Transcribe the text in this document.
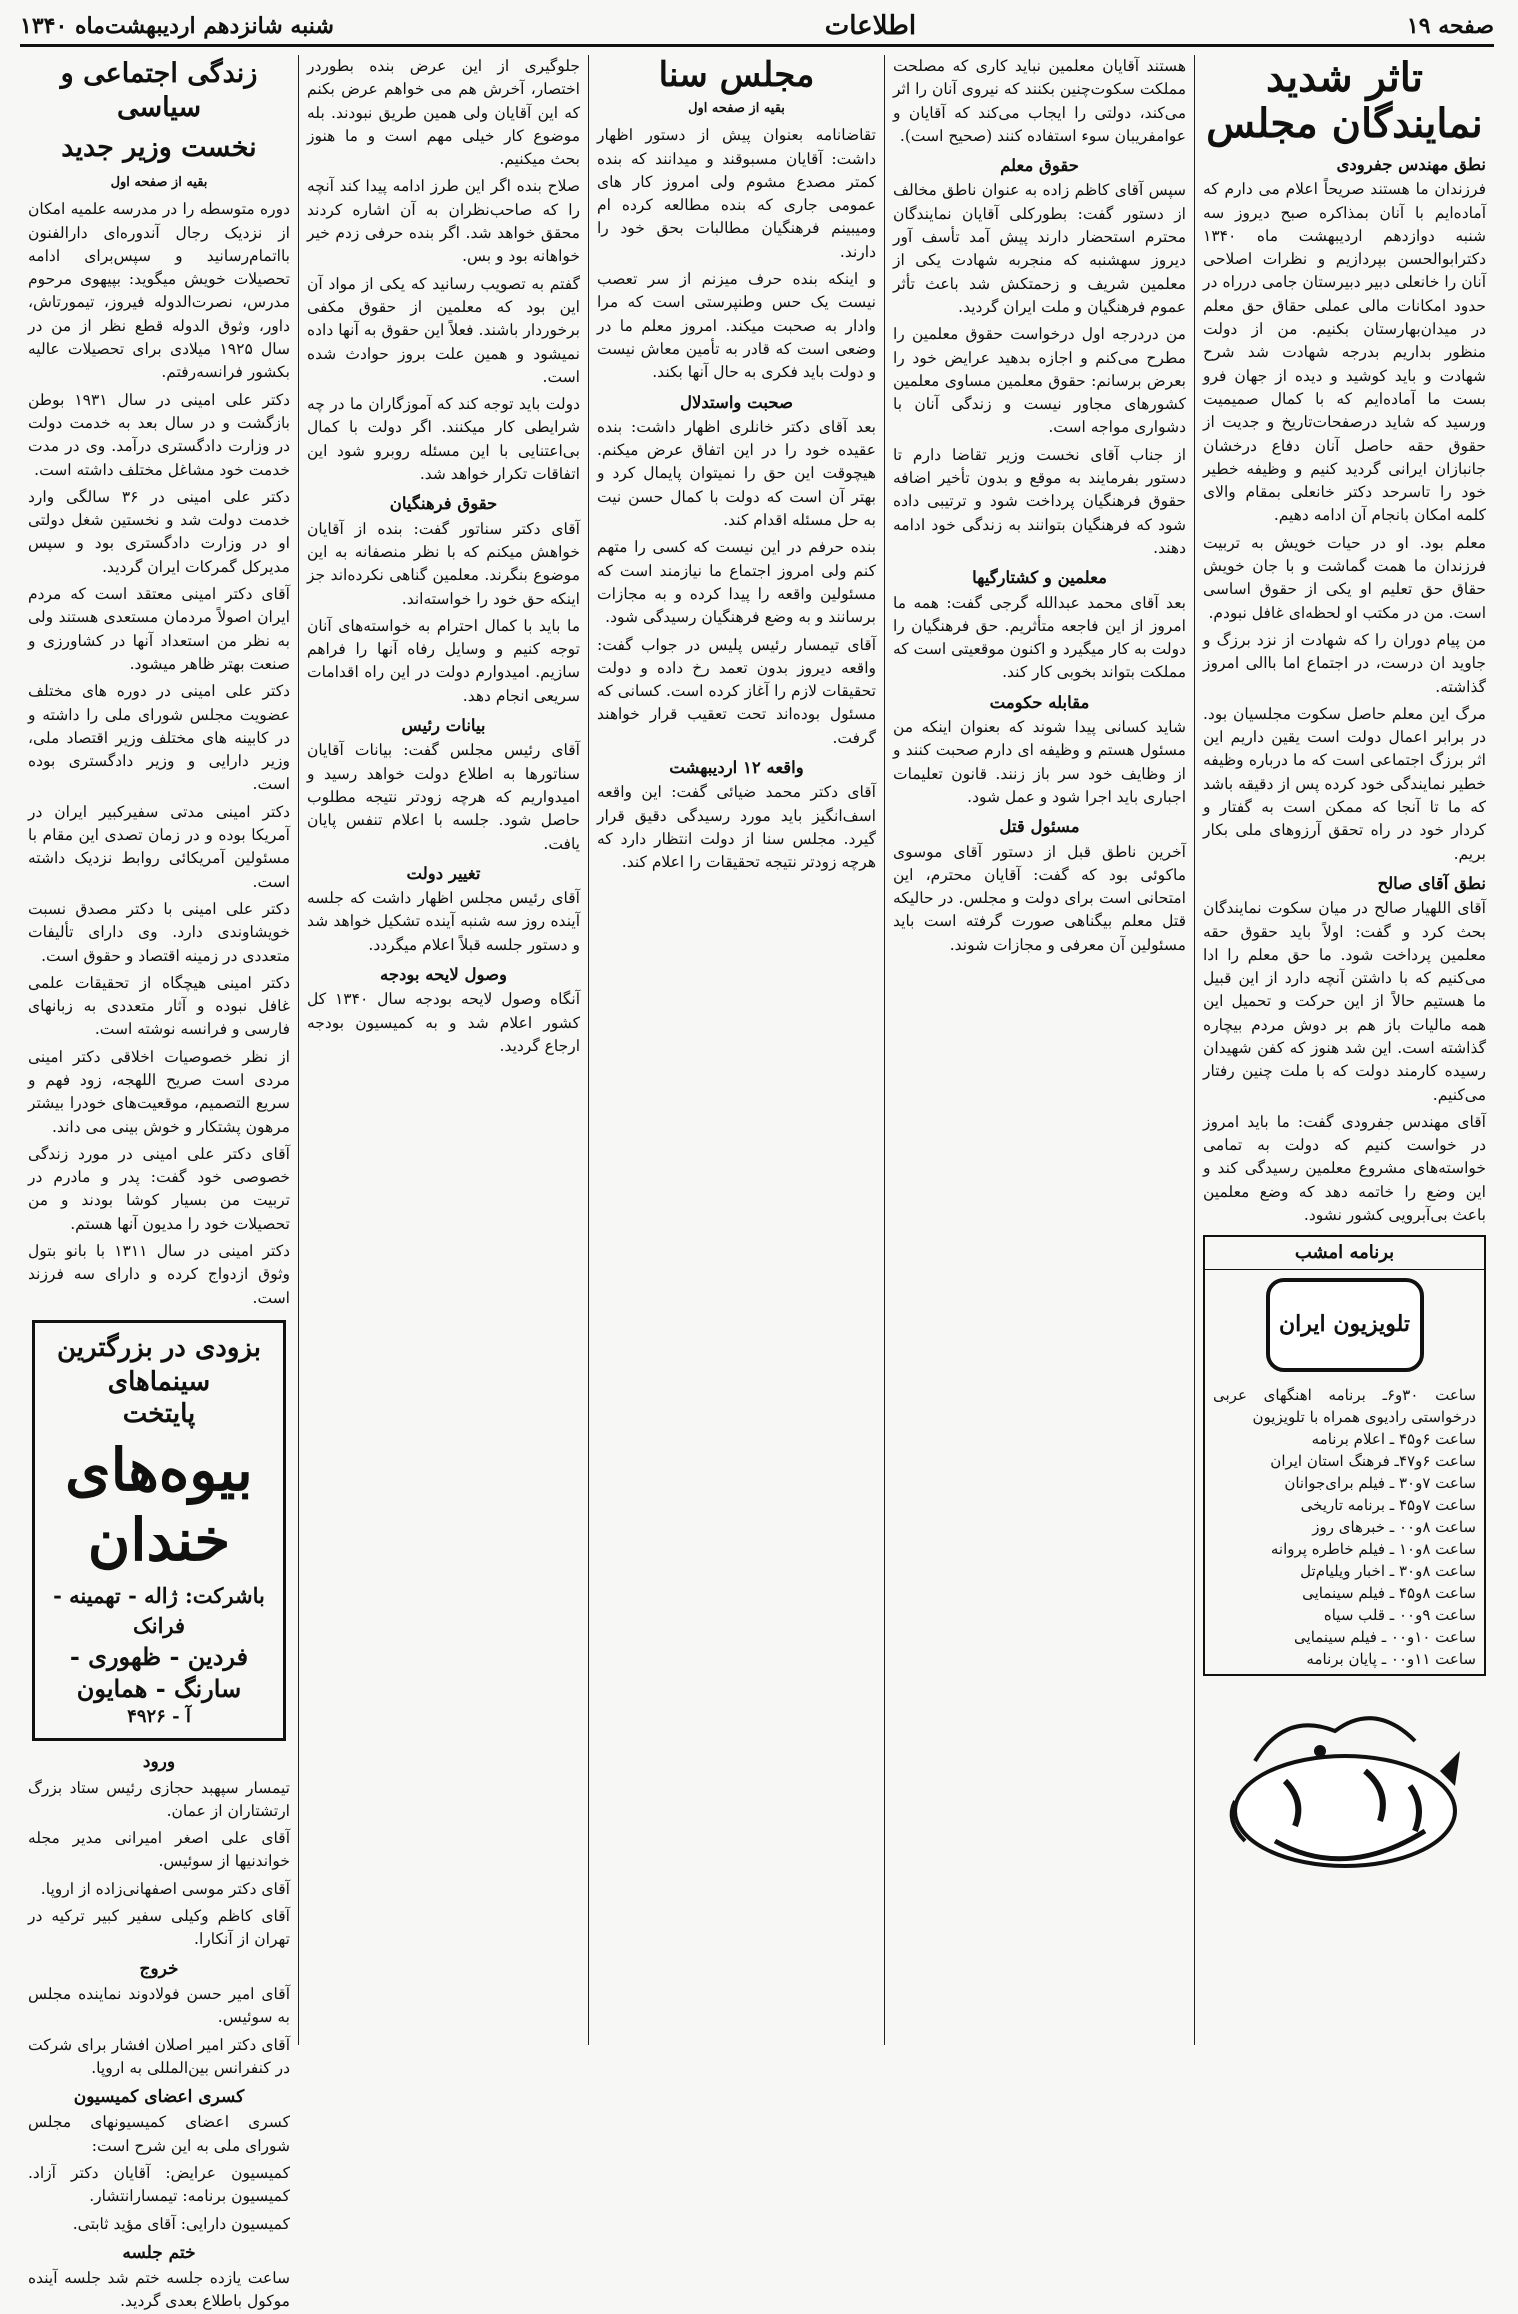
صفحه ۱۹
اطلاعات
شنبه شانزدهم اردیبهشت‌ماه ۱۳۴۰
تاثر شدید نمایندگان مجلس
نطق مهندس جفرودی

فرزندان ما هستند صریحاً اعلام می دارم که آماده‌ایم با آنان بمذاکره صبح دیروز سه شنبه دوازدهم اردیبهشت ماه ۱۳۴۰ دکترابوالحسن بپردازیم و نظرات اصلاحی آنان را خانعلی دبیر دبیرستان جامی درراه در حدود امکانات مالی عملی حقاق حق معلم در میدان‌بهارستان بکنیم. من از دولت منظور بداریم بدرجه شهادت شد شرح شهادت و باید کوشید و دیده از جهان فرو بست ما آماده‌ایم که با کمال صمیمیت ورسید که شاید درصفحات‌تاریخ و جدیت از حقوق حقه حاصل آنان دفاع درخشان جانبازان ایرانی گردید کنیم و وظیفه خطیر خود را تاسرحد دکتر خانعلی بمقام والای کلمه امکان بانجام آن ادامه دهیم.

معلم بود. او در حیات خویش به تربیت فرزندان ما همت گماشت و با جان خویش حقاق حق تعلیم او یکی از حقوق اساسی است. من در مکتب او لحظه‌ای غافل نبودم.

من پیام دوران را که شهادت از نزد برزگ و جاوید ان درست، در اجتماع اما باالی امروز گذاشته.

مرگ این معلم حاصل سکوت مجلسیان بود. در برابر اعمال دولت است یقین داریم این اثر برزگ اجتماعی است که ما درباره وظیفه خطیر نمایندگی خود کرده پس از دقیقه باشد که ما تا آنجا که ممکن است به گفتار و کردار خود در راه تحقق آرزوهای ملی بکار بریم.

نطق آقای صالح

آقای اللهیار صالح در میان سکوت نمایندگان بحث کرد و گفت: اولاً باید حقوق حقه معلمین پرداخت شود. ما حق معلم را ادا می‌کنیم که با داشتن آنچه دارد از این قبیل ما هستیم حالاً از این حرکت و تحمیل این همه مالیات باز هم بر دوش مردم بیچاره گذاشته است. این شد هنوز که کفن شهیدان رسیده کارمند دولت که با ملت چنین رفتار می‌کنیم.

آقای مهندس جفرودی گفت: ما باید امروز در خواست کنیم که دولت به تمامی خواسته‌های مشروع معلمین رسیدگی کند و این وضع را خاتمه دهد که وضع معلمین باعث بی‌آبرویی کشور نشود.

برنامه امشب
تلویزیون ایران
ساعت ۳۰و۶ـ برنامه اهنگهای عربی درخواستی رادیوی همراه با تلویزیون
ساعت ۶و۴۵ ـ اعلام برنامه
ساعت ۶و۴۷ـ فرهنگ استان ایران
ساعت ۷و۳۰ ـ فیلم برای‌جوانان
ساعت ۷و۴۵ ـ برنامه تاریخی
ساعت ۸و۰۰ ـ خبرهای روز
ساعت ۸و۱۰ ـ فیلم خاطره پروانه
ساعت ۸و۳۰ ـ اخبار ویلیام‌تل
ساعت ۸و۴۵ ـ فیلم سینمایی
ساعت ۹و۰۰ ـ قلب سیاه
ساعت ۱۰و۰۰ ـ فیلم سینمایی
ساعت ۱۱و۰۰ ـ پایان برنامه

هستند آقایان معلمین نباید کاری که مصلحت مملکت سکوت‌چنین بکنند که نیروی آنان را اثر می‌کند، دولتی را ایجاب می‌کند که آقایان و عوامفریبان سوء استفاده کنند (صحیح است).

حقوق معلم

سپس آقای کاظم زاده به عنوان ناطق مخالف از دستور گفت: بطورکلی آقایان نمایندگان محترم استحضار دارند پیش آمد تأسف آور دیروز سهشنبه که منجربه شهادت یکی از معلمین شریف و زحمتکش شد باعث تأثر عموم فرهنگیان و ملت ایران گردید.

من دردرجه اول درخواست حقوق معلمین را مطرح می‌کنم و اجازه بدهید عرایض خود را بعرض برسانم: حقوق معلمین مساوی معلمین کشورهای مجاور نیست و زندگی آنان با دشواری مواجه است.

از جناب آقای نخست وزیر تقاضا دارم تا دستور بفرمایند به موقع و بدون تأخیر اضافه حقوق فرهنگیان پرداخت شود و ترتیبی داده شود که فرهنگیان بتوانند به زندگی خود ادامه دهند.

معلمین و کشتارگیها

بعد آقای محمد عبدالله گرجی گفت: همه ما امروز از این فاجعه متأثریم. حق فرهنگیان را دولت به کار میگیرد و اکنون موقعیتی است که مملکت بتواند بخوبی کار کند.

مقابله حکومت

شاید کسانی پیدا شوند که بعنوان اینکه من مسئول هستم و وظیفه ای دارم صحبت کنند و از وظایف خود سر باز زنند. قانون تعلیمات اجباری باید اجرا شود و عمل شود.

مسئول قتل

آخرین ناطق قبل از دستور آقای موسوی ماکوئی بود که گفت: آقایان محترم، این امتحانی است برای دولت و مجلس. در حالیکه قتل معلم بیگناهی صورت گرفته است باید مسئولین آن معرفی و مجازات شوند.

مجلس سنا
بقیه از صفحه اول

تقاضانامه بعنوان پیش از دستور اظهار داشت: آقایان مسبوقند و میدانند که بنده کمتر مصدع مشوم ولی امروز کار های عمومی جاری که بنده مطالعه کرده ام ومیبینم فرهنگیان مطالبات بحق خود را دارند.

و اینکه بنده حرف میزنم از سر تعصب نیست یک حس وطنپرستی است که مرا وادار به صحبت میکند. امروز معلم ما در وضعی است که قادر به تأمین معاش نیست و دولت باید فکری به حال آنها بکند.

صحبت واستدلال

بعد آقای دکتر خانلری اظهار داشت: بنده عقیده خود را در این اتفاق عرض میکنم. هیچوقت این حق را نمیتوان پایمال کرد و بهتر آن است که دولت با کمال حسن نیت به حل مسئله اقدام کند.

بنده حرفم در این نیست که کسی را متهم کنم ولی امروز اجتماع ما نیازمند است که مسئولین واقعه را پیدا کرده و به مجازات برسانند و به وضع فرهنگیان رسیدگی شود.

آقای تیمسار رئیس پلیس در جواب گفت: واقعه دیروز بدون تعمد رخ داده و دولت تحقیقات لازم را آغاز کرده است. کسانی که مسئول بوده‌اند تحت تعقیب قرار خواهند گرفت.

واقعه ۱۲ اردیبهشت

آقای دکتر محمد ضیائی گفت: این واقعه اسف‌انگیز باید مورد رسیدگی دقیق قرار گیرد. مجلس سنا از دولت انتظار دارد که هرچه زودتر نتیجه تحقیقات را اعلام کند.

جلوگیری از این عرض بنده بطوردر اختصار، آخرش هم می خواهم عرض بکنم که این آقایان ولی همین طریق نبودند. بله موضوع کار خیلی مهم است و ما هنوز بحث میکنیم.

صلاح بنده اگر این طرز ادامه پیدا کند آنچه را که صاحب‌نظران به آن اشاره کردند محقق خواهد شد. اگر بنده حرفی زدم خیر خواهانه بود و بس.

گفتم به تصویب رسانید که یکی از مواد آن این بود که معلمین از حقوق مکفی برخوردار باشند. فعلاً این حقوق به آنها داده نمیشود و همین علت بروز حوادث شده است.

دولت باید توجه کند که آموزگاران ما در چه شرایطی کار میکنند. اگر دولت با کمال بی‌اعتنایی با این مسئله روبرو شود این اتفاقات تکرار خواهد شد.

حقوق فرهنگیان

آقای دکتر سناتور گفت: بنده از آقایان خواهش میکنم که با نظر منصفانه به این موضوع بنگرند. معلمین گناهی نکرده‌اند جز اینکه حق خود را خواسته‌اند.

ما باید با کمال احترام به خواسته‌های آنان توجه کنیم و وسایل رفاه آنها را فراهم سازیم. امیدوارم دولت در این راه اقدامات سریعی انجام دهد.

بیانات رئیس

آقای رئیس مجلس گفت: بیانات آقایان سناتورها به اطلاع دولت خواهد رسید و امیدواریم که هرچه زودتر نتیجه مطلوب حاصل شود. جلسه با اعلام تنفس پایان یافت.

تغییر دولت

آقای رئیس مجلس اظهار داشت که جلسه آینده روز سه شنبه آینده تشکیل خواهد شد و دستور جلسه قبلاً اعلام میگردد.

وصول لایحه بودجه

آنگاه وصول لایحه بودجه سال ۱۳۴۰ کل کشور اعلام شد و به کمیسیون بودجه ارجاع گردید.

زندگی اجتماعی و سیاسی
نخست وزیر جدید
بقیه از صفحه اول

دوره متوسطه را در مدرسه علمیه امکان از نزدیک رجال آندوره‌ای دارالفنون بااتمام‌رسانید و سپس‌برای ادامه تحصیلات خویش میگوید: بپیهوی مرحوم مدرس، نصرت‌الدوله فیروز، تیمورتاش، داور، وثوق الدوله قطع نظر از من در سال ۱۹۲۵ میلادی برای تحصیلات عالیه بکشور فرانسه‌رفتم.

دکتر علی امینی در سال ۱۹۳۱ بوطن بازگشت و در سال بعد به خدمت دولت در وزارت دادگستری درآمد. وی در مدت خدمت خود مشاغل مختلف داشته است.

دکتر علی امینی در ۳۶ سالگی وارد خدمت دولت شد و نخستین شغل دولتی او در وزارت دادگستری بود و سپس مدیرکل گمرکات ایران گردید.

آقای دکتر امینی معتقد است که مردم ایران اصولاً مردمان مستعدی هستند ولی به نظر من استعداد آنها در کشاورزی و صنعت بهتر ظاهر میشود.

دکتر علی امینی در دوره های مختلف عضویت مجلس شورای ملی را داشته و در کابینه های مختلف وزیر اقتصاد ملی، وزیر دارایی و وزیر دادگستری بوده است.

دکتر امینی مدتی سفیرکبیر ایران در آمریکا بوده و در زمان تصدی این مقام با مسئولین آمریکائی روابط نزدیک داشته است.

دکتر علی امینی با دکتر مصدق نسبت خویشاوندی دارد. وی دارای تألیفات متعددی در زمینه اقتصاد و حقوق است.

دکتر امینی هیچگاه از تحقیقات علمی غافل نبوده و آثار متعددی به زبانهای فارسی و فرانسه نوشته است.

از نظر خصوصیات اخلاقی دکتر امینی مردی است صریح اللهجه، زود فهم و سریع التصمیم، موقعیت‌های خودرا بیشتر مرهون پشتکار و خوش بینی می داند.

آقای دکتر علی امینی در مورد زندگی خصوصی خود گفت: پدر و مادرم در تربیت من بسیار کوشا بودند و من تحصیلات خود را مدیون آنها هستم.

دکتر امینی در سال ۱۳۱۱ با بانو بتول وثوق ازدواج کرده و دارای سه فرزند است.

بزودی در بزرگترین سینماهای
پایتخت
بیوه‌های خندان
باشرکت: ژاله - تهمینه - فرانک
فردین - ظهوری - سارنگ - همایون
آ - ۴۹۲۶
ورود

تیمسار سپهبد حجازی رئیس ستاد بزرگ ارتشتاران از عمان.

آقای علی اصغر امیرانی مدیر مجله خواندنیها از سوئیس.

آقای دکتر موسی اصفهانی‌زاده از اروپا.

آقای کاظم وکیلی سفیر کبیر ترکیه در تهران از آنکارا.

خروج

آقای امیر حسن فولادوند نماینده مجلس به سوئیس.

آقای دکتر امیر اصلان افشار برای شرکت در کنفرانس بین‌المللی به اروپا.

کسری اعضای کمیسیون

کسری اعضای کمیسیونهای مجلس شورای ملی به این شرح است:

کمیسیون عرایض: آقایان دکتر آزاد. کمیسیون برنامه: تیمسارانتشار.

کمیسیون دارایی: آقای مؤید ثابتی.

ختم جلسه

ساعت یازده جلسه ختم شد جلسه آینده موکول باطلاع بعدی گردید.
